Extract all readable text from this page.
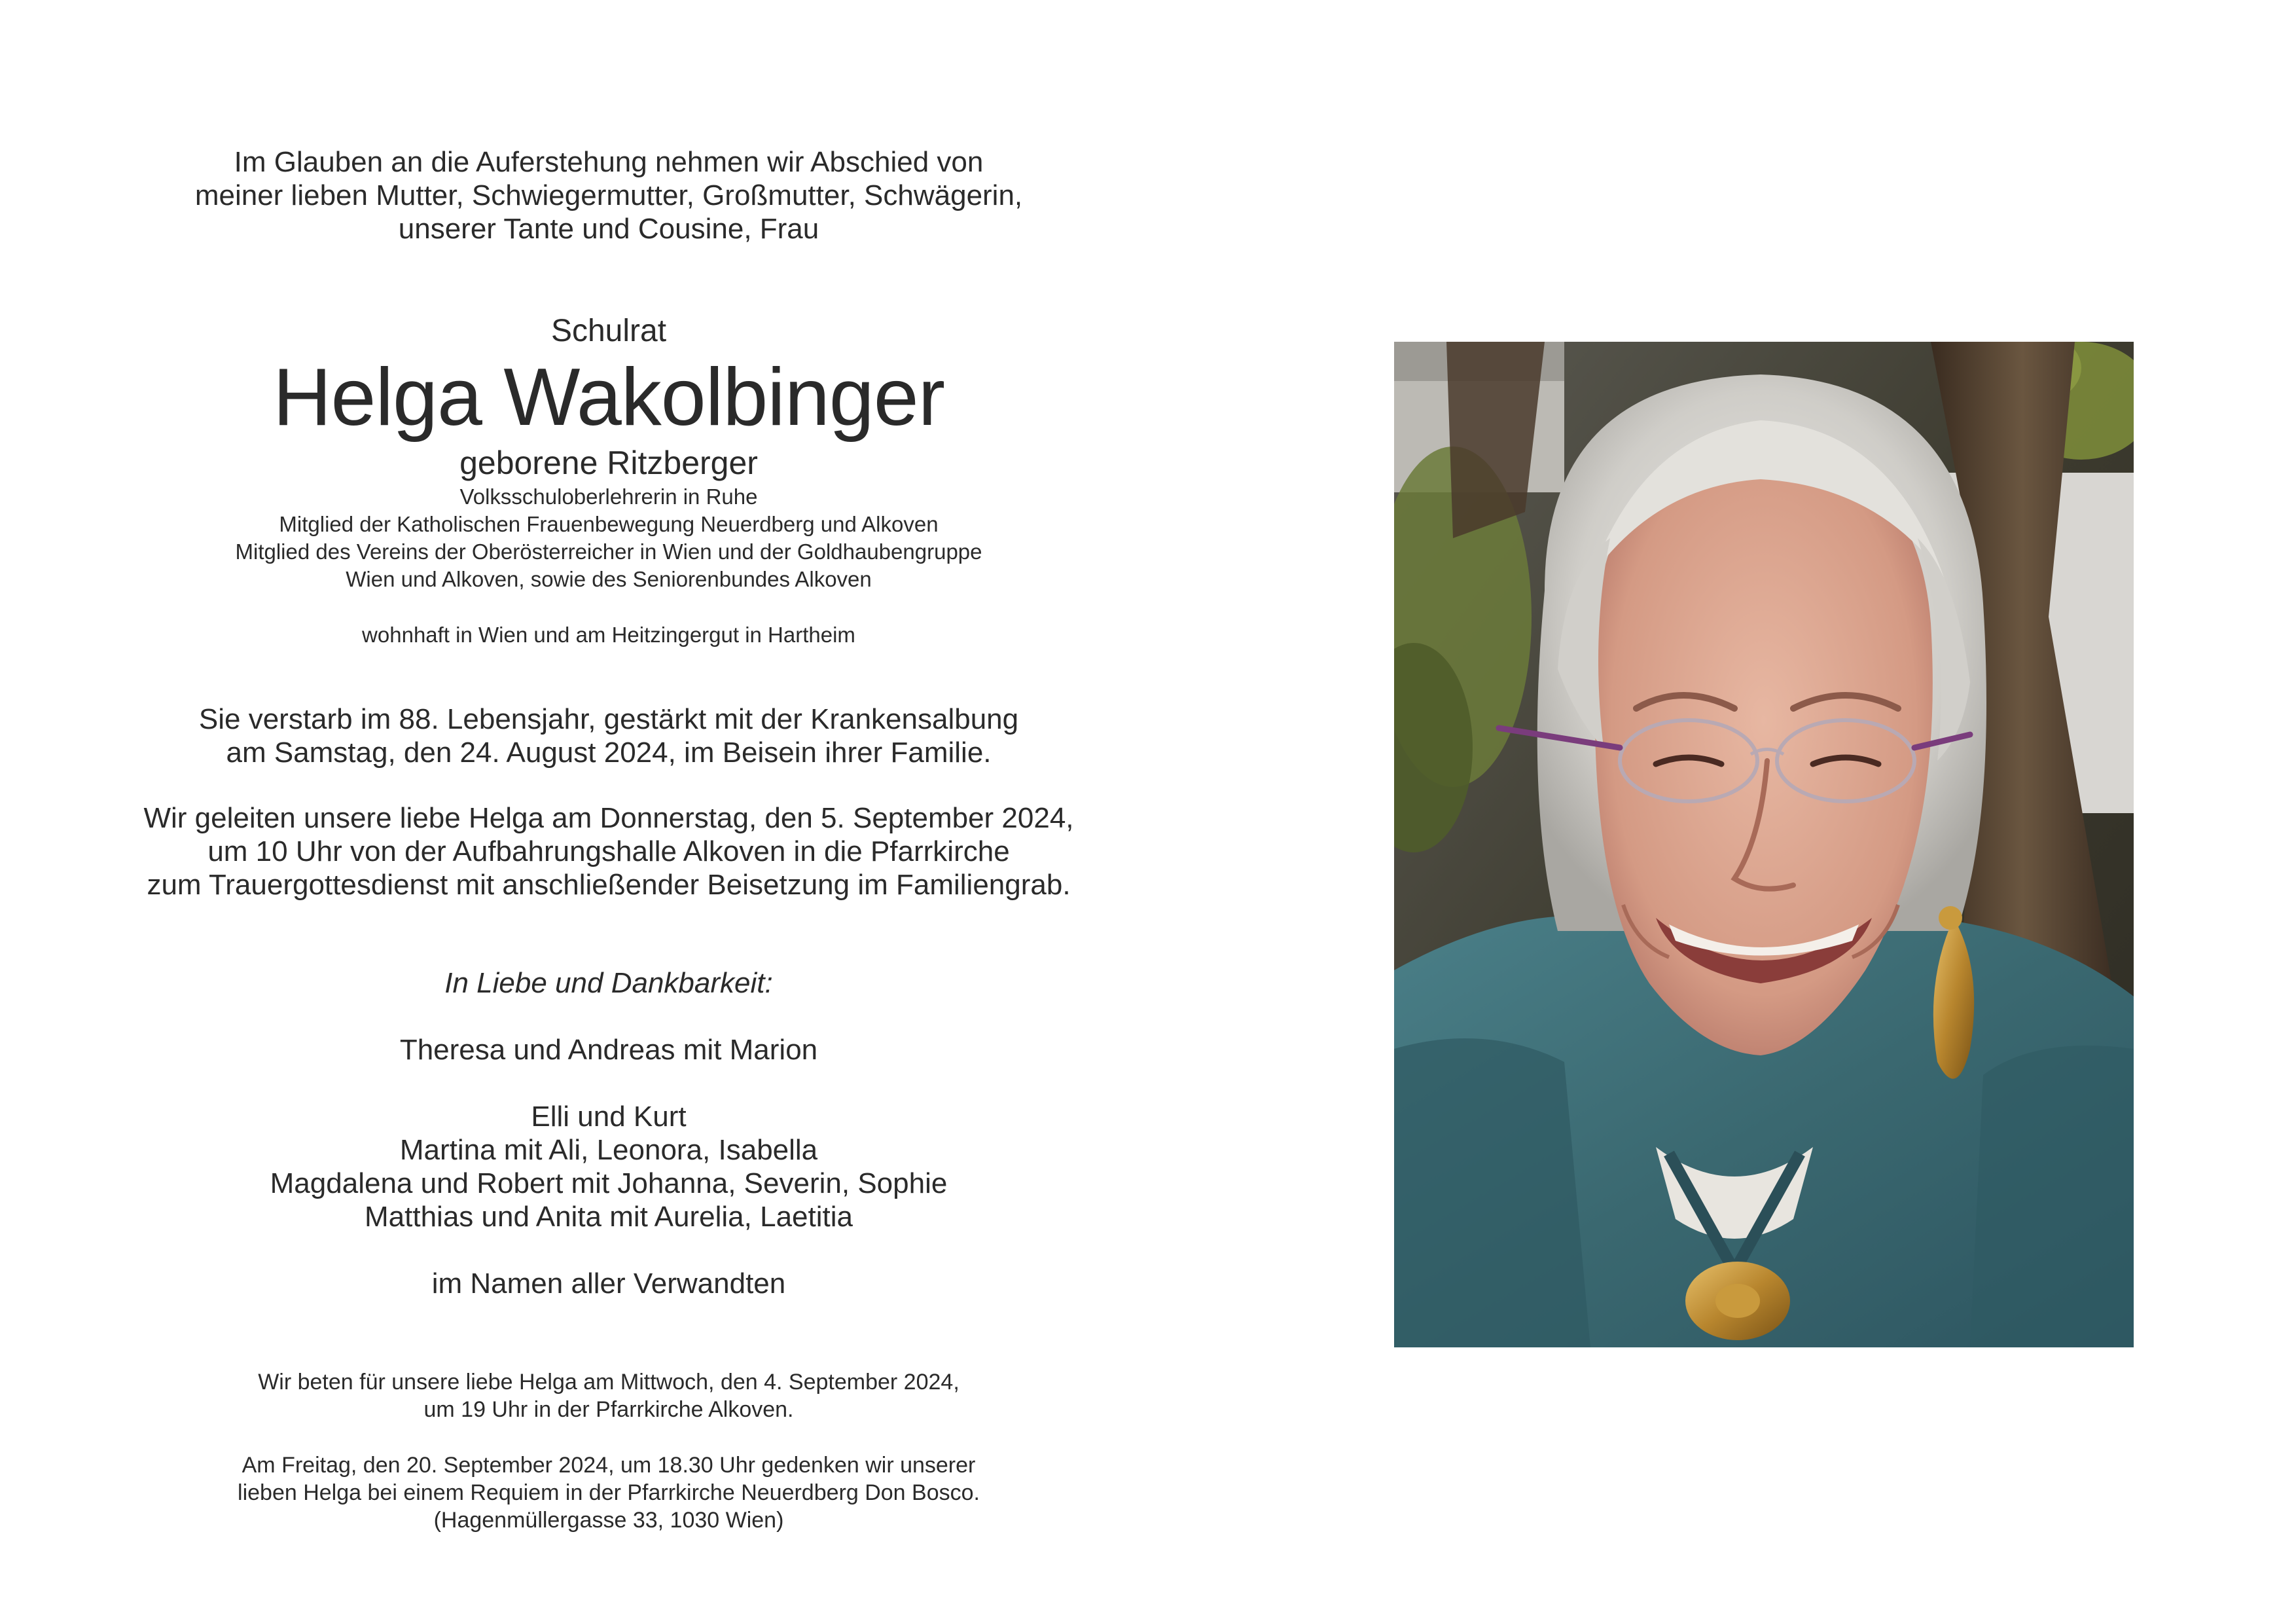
Im Glauben an die Auferstehung nehmen wir Abschied von
meiner lieben Mutter, Schwiegermutter, Großmutter, Schwägerin,
unserer Tante und Cousine, Frau
Schulrat
Helga Wakolbinger
geborene Ritzberger
Volksschuloberlehrerin in Ruhe
Mitglied der Katholischen Frauenbewegung Neuerdberg und Alkoven
Mitglied des Vereins der Oberösterreicher in Wien und der Goldhaubengruppe
Wien und Alkoven, sowie des Seniorenbundes Alkoven
wohnhaft in Wien und am Heitzingergut in Hartheim
Sie verstarb im 88. Lebensjahr, gestärkt mit der Krankensalbung
am Samstag, den 24. August 2024, im Beisein ihrer Familie.
Wir geleiten unsere liebe Helga am Donnerstag, den 5. September 2024,
um 10 Uhr von der Aufbahrungshalle Alkoven in die Pfarrkirche
zum Trauergottesdienst mit anschließender Beisetzung im Familiengrab.
In Liebe und Dankbarkeit:
Theresa und Andreas mit Marion
Elli und Kurt
Martina mit Ali, Leonora, Isabella
Magdalena und Robert mit Johanna, Severin, Sophie
Matthias und Anita mit Aurelia, Laetitia
im Namen aller Verwandten
Wir beten für unsere liebe Helga am Mittwoch, den 4. September 2024,
um 19 Uhr in der Pfarrkirche Alkoven.
Am Freitag, den 20. September 2024, um 18.30 Uhr gedenken wir unserer
lieben Helga bei einem Requiem in der Pfarrkirche Neuerdberg Don Bosco.
(Hagenmüllergasse 33, 1030 Wien)
